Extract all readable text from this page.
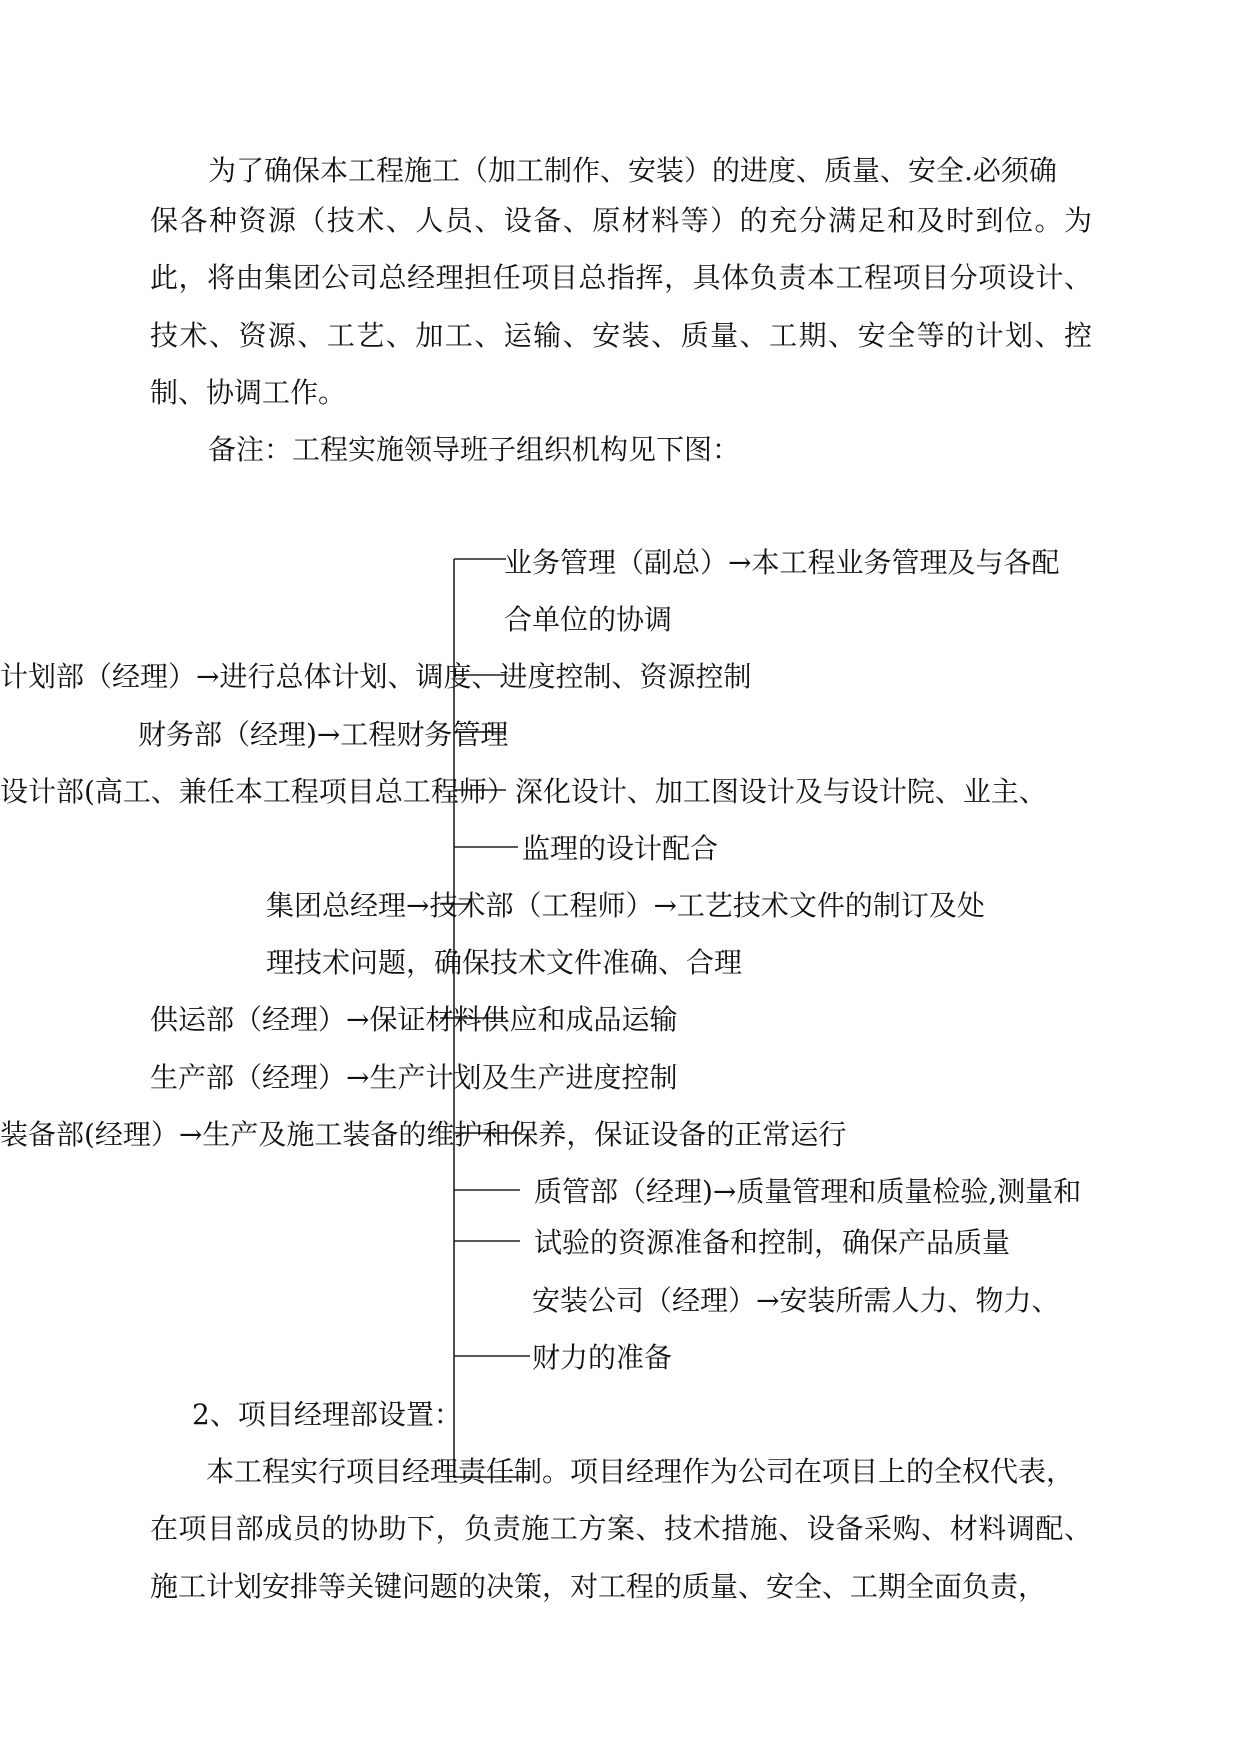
为了确保本工程施工（加工制作、安装）的进度、质量、安全.必须确
保各种资源（技术、人员、设备、原材料等）的充分满足和及时到位。为
此，将由集团公司总经理担任项目总指挥，具体负责本工程项目分项设计、
技术、资源、工艺、加工、运输、安装、质量、工期、安全等的计划、控
制、协调工作。
备注：工程实施领导班子组织机构见下图：
业务管理（副总）→本工程业务管理及与各配
合单位的协调
计划部（经理）→进行总体计划、调度、进度控制、资源控制
财务部（经理)→工程财务管理
设计部(高工、兼任本工程项目总工程师）深化设计、加工图设计及与设计院、业主、
监理的设计配合
集团总经理→技术部（工程师）→工艺技术文件的制订及处
理技术问题，确保技术文件准确、合理
供运部（经理）→保证材料供应和成品运输
生产部（经理）→生产计划及生产进度控制
装备部(经理）→生产及施工装备的维护和保养，保证设备的正常运行
质管部（经理)→质量管理和质量检验,测量和
试验的资源准备和控制，确保产品质量
安装公司（经理）→安装所需人力、物力、
财力的准备
2、项目经理部设置：
本工程实行项目经理责任制。项目经理作为公司在项目上的全权代表，
在项目部成员的协助下，负责施工方案、技术措施、设备采购、材料调配、
施工计划安排等关键问题的决策，对工程的质量、安全、工期全面负责，
